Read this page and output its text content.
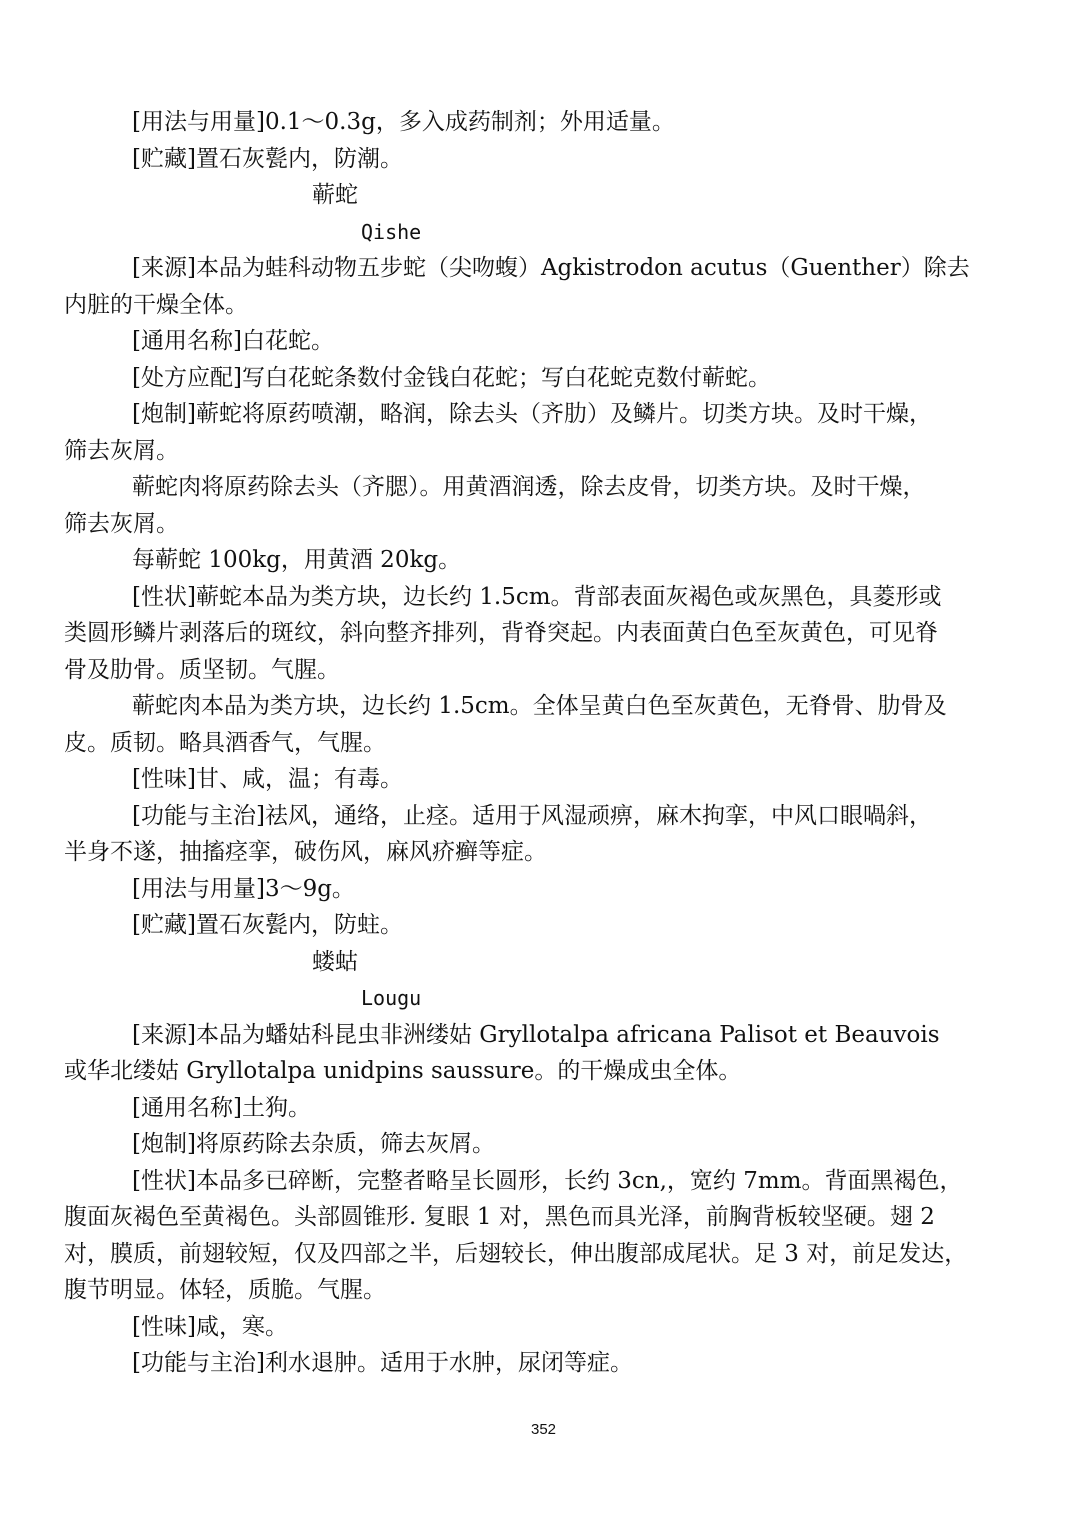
[用法与用量]0.1～0.3g，多入成药制剂；外用适量。

[贮藏]置石灰甏内，防潮。

蕲蛇

Qishe

[来源]本品为蛙科动物五步蛇（尖吻蝮）Agkistrodon acutus（Guenther）除去

内脏的干燥全体。

[通用名称]白花蛇。

[处方应配]写白花蛇条数付金钱白花蛇；写白花蛇克数付蕲蛇。

[炮制]蕲蛇将原药喷潮，略润，除去头（齐肋）及鳞片。切类方块。及时干燥，

筛去灰屑。

蕲蛇肉将原药除去头（齐腮）。用黄酒润透，除去皮骨，切类方块。及时干燥，

筛去灰屑。

每蕲蛇 100kg，用黄酒 20kg。

[性状]蕲蛇本品为类方块，边长约 1.5cm。背部表面灰褐色或灰黑色，具菱形或

类圆形鳞片剥落后的斑纹，斜向整齐排列，背脊突起。内表面黄白色至灰黄色，可见脊

骨及肋骨。质坚韧。气腥。

蕲蛇肉本品为类方块，边长约 1.5cm。全体呈黄白色至灰黄色，无脊骨、肋骨及

皮。质韧。略具酒香气，气腥。

[性味]甘、咸，温；有毒。

[功能与主治]祛风，通络，止痉。适用于风湿顽痹，麻木拘挛，中风口眼喎斜，

半身不遂，抽搐痉挛，破伤风，麻风疥癣等症。

[用法与用量]3～9g。

[贮藏]置石灰甏内，防蛀。

蝼蛄

Lougu

[来源]本品为蟠姑科昆虫非洲缕姑 Gryllotalpa africana Palisot et Beauvois

或华北缕姑 Gryllotalpa unidpins saussure。的干燥成虫全体。

[通用名称]土狗。

[炮制]将原药除去杂质，筛去灰屑。

[性状]本品多已碎断，完整者略呈长圆形，长约 3cn,，宽约 7mm。背面黑褐色，

腹面灰褐色至黄褐色。头部圆锥形. 复眼 1 对，黑色而具光泽，前胸背板较坚硬。翅 2

对，膜质，前翅较短，仅及四部之半，后翅较长，伸出腹部成尾状。足 3 对，前足发达，

腹节明显。体轻，质脆。气腥。

[性味]咸，寒。

[功能与主治]利水退肿。适用于水肿，尿闭等症。

352
